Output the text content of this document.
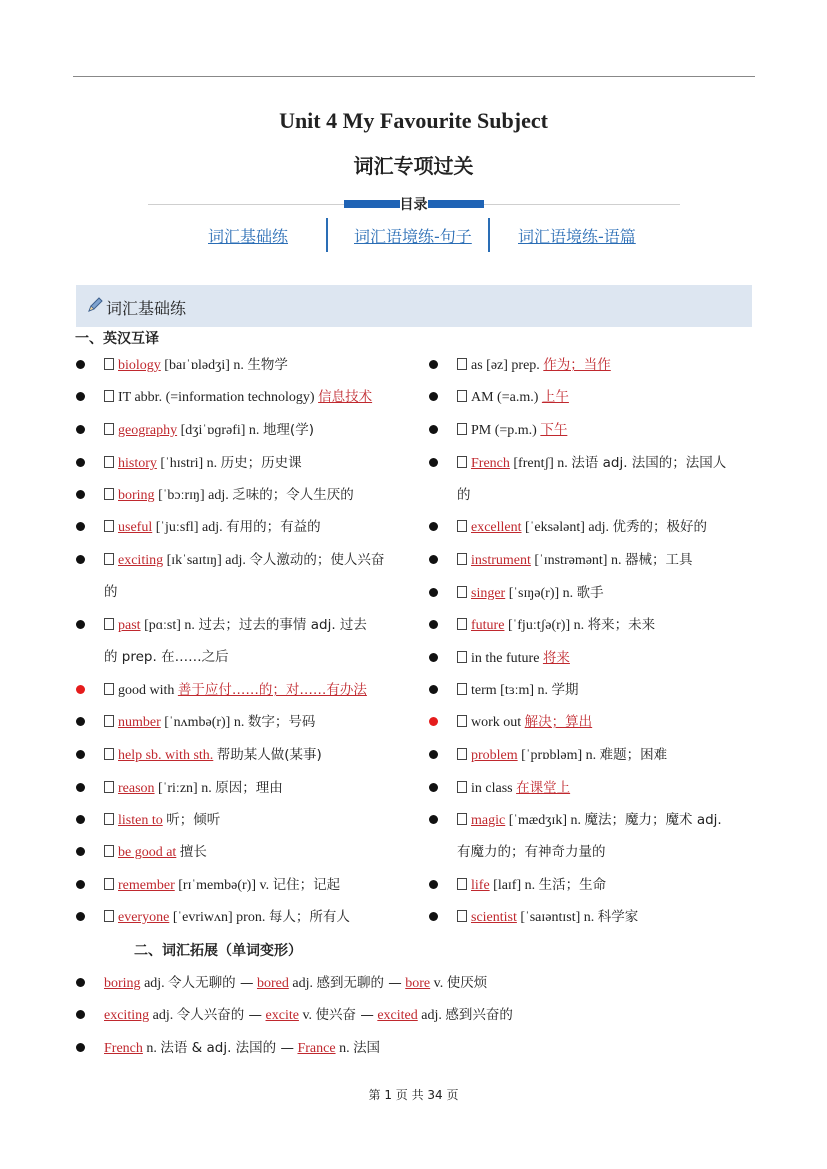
Unit 4 My Favourite Subject
词汇专项过关
目录
词汇基础练	词汇语境练-句子	词汇语境练-语篇
词汇基础练
一、英汉互译
biology [baɪˈɒlədʒi] n. 生物学
IT abbr. (=information technology) 信息技术
geography [dʒiˈɒɡrəfi] n. 地理(学)
history [ˈhɪstri] n. 历史；历史课
boring [ˈbɔːrɪŋ] adj. 乏味的；令人生厌的
useful [ˈjuːsfl] adj. 有用的；有益的
exciting [ɪkˈsaɪtɪŋ] adj. 令人激动的；使人兴奋
past [pɑːst] n. 过去；过去的事情 adj. 过去
good with 善于应付……的；对……有办法
number [ˈnʌmbə(r)] n. 数字；号码
help sb. with sth. 帮助某人做(某事)
reason [ˈriːzn] n. 原因；理由
listen to 听；倾听
be good at 擅长
remember [rɪˈmembə(r)] v. 记住；记起
everyone [ˈevriwʌn] pron. 每人；所有人
的
的 prep. 在……之后
as [əz] prep. 作为；当作
AM (=a.m.) 上午
PM (=p.m.) 下午
French [frentʃ] n. 法语 adj. 法国的；法国人
excellent [ˈeksələnt] adj. 优秀的；极好的
instrument [ˈɪnstrəmənt] n. 器械；工具
singer [ˈsɪŋə(r)] n. 歌手
future [ˈfjuːtʃə(r)] n. 将来；未来
in the future 将来
term [tɜːm] n. 学期
work out 解决；算出
problem [ˈprɒbləm] n. 难题；困难
in class 在课堂上
magic [ˈmædʒɪk] n. 魔法；魔力；魔术 adj.
life [laɪf] n. 生活；生命
scientist [ˈsaɪəntɪst] n. 科学家
的
有魔力的；有神奇力量的
二、词汇拓展（单词变形）
boring adj. 令人无聊的 — bored adj. 感到无聊的 — bore v. 使厌烦
exciting adj. 令人兴奋的 — excite v. 使兴奋 — excited adj. 感到兴奋的
French n. 法语 & adj. 法国的 — France n. 法国
第 1 页 共 34 页
